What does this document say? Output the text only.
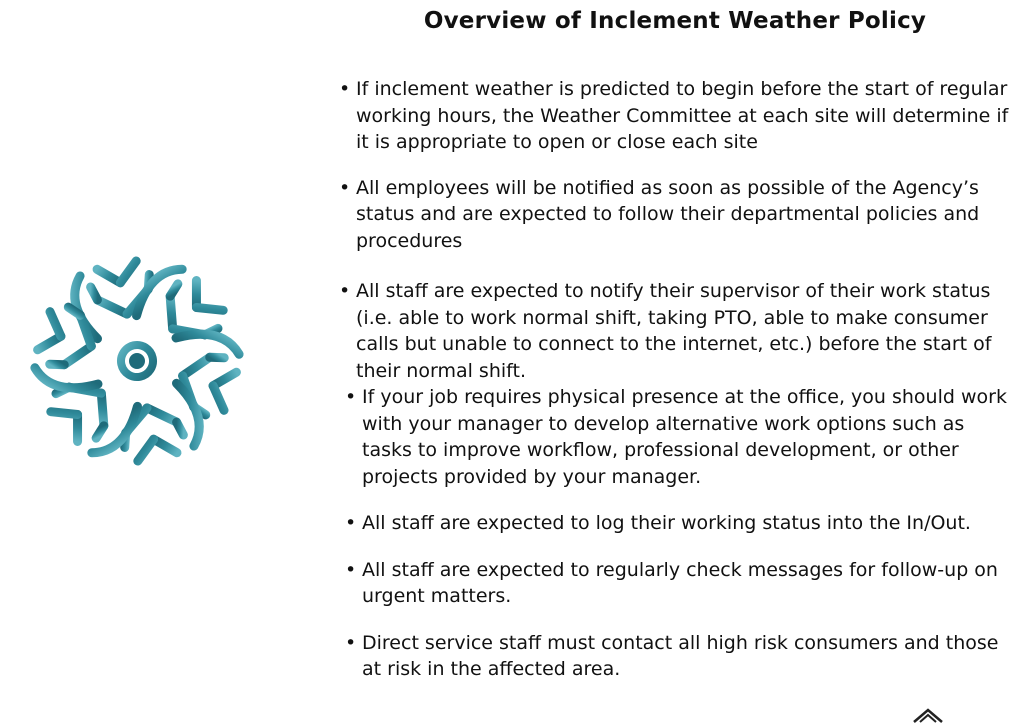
Overview of Inclement Weather Policy
• If inclement weather is predicted to begin before the start of regular working hours, the Weather Committee at each site will determine if it is appropriate to open or close each site
• All employees will be notified as soon as possible of the Agency’s status and are expected to follow their departmental policies and procedures
• All staff are expected to notify their supervisor of their work status (i.e. able to work normal shift, taking PTO, able to make consumer calls but unable to connect to the internet, etc.) before the start of their normal shift.
• If your job requires physical presence at the office, you should work with your manager to develop alternative work options such as tasks to improve workflow, professional development, or other projects provided by your manager.
• All staff are expected to log their working status into the In/Out.
• All staff are expected to regularly check messages for follow-up on urgent matters.
• Direct service staff must contact all high risk consumers and those at risk in the affected area.
